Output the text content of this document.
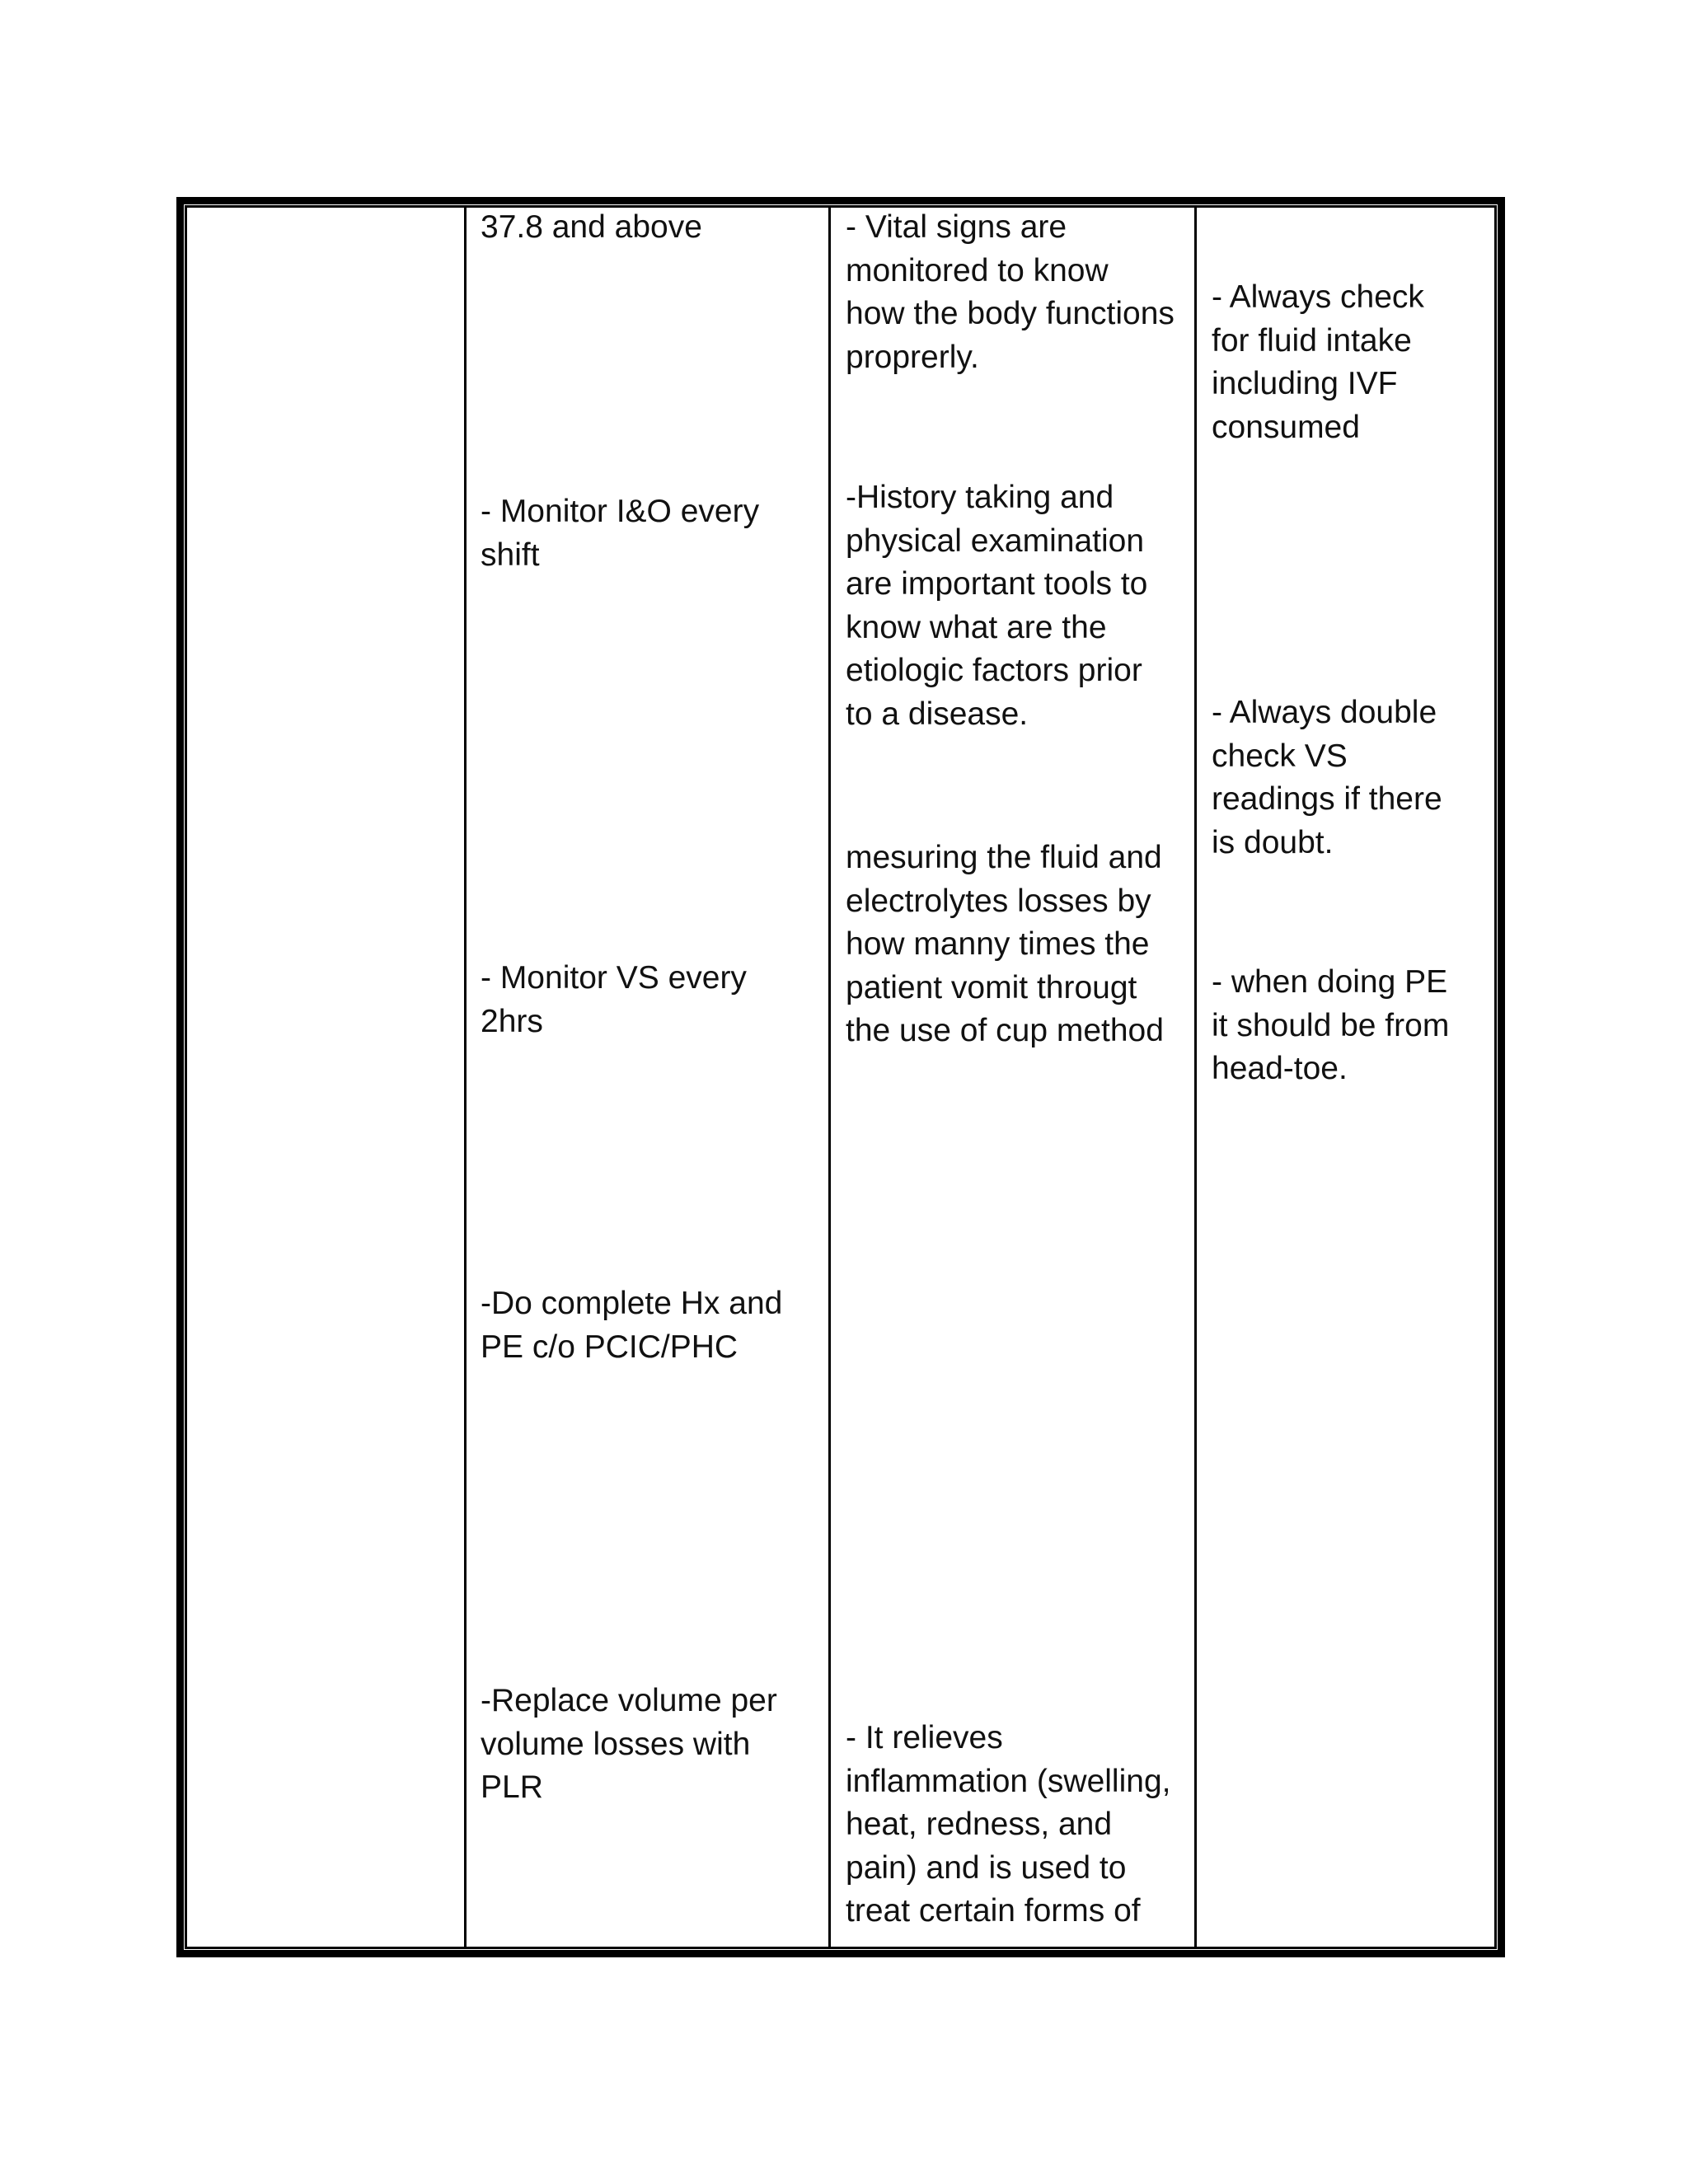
37.8 and above
- Monitor I&O every
shift
- Monitor VS every
2hrs
-Do complete Hx and
PE c/o PCIC/PHC
-Replace volume per
volume losses with
PLR
- Vital signs are
monitored to know
how the body functions
proprerly.
-History taking and
physical examination
are important tools to
know what are the
etiologic factors prior
to a disease.
mesuring the fluid and
electrolytes losses by
how manny times the
patient vomit througt
the use of cup method
- It relieves
inflammation (swelling,
heat, redness, and
pain) and is used to
treat certain forms of
- Always check
for fluid intake
including IVF
consumed
- Always double
check VS
readings if there
is doubt.
- when doing PE
it should be from
head-toe.
